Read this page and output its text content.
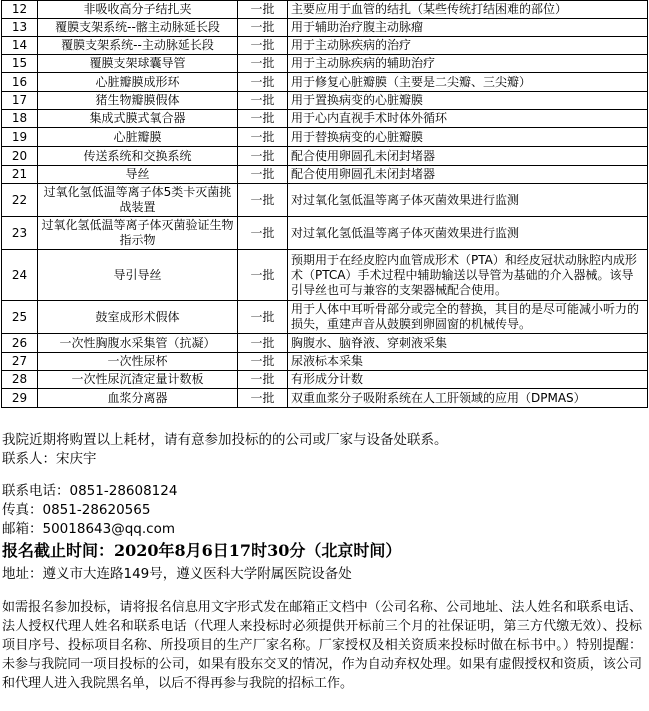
12	非吸收高分子结扎夹	一批	主要应用于血管的结扎（某些传统打结困难的部位）
13	覆膜支架系统--髂主动脉延长段	一批	用于辅助治疗腹主动脉瘤
14	覆膜支架系统--主动脉延长段	一批	用于主动脉疾病的治疗
15	覆膜支架球囊导管	一批	用于主动脉疾病的辅助治疗
16	心脏瓣膜成形环	一批	用于修复心脏瓣膜（主要是二尖瓣、三尖瓣）
17	猪生物瓣膜假体	一批	用于置换病变的心脏瓣膜
18	集成式膜式氧合器	一批	用于心内直视手术时体外循环
19	心脏瓣膜	一批	用于替换病变的心脏瓣膜
20	传送系统和交换系统	一批	配合使用卵圆孔未闭封堵器
21	导丝	一批	配合使用卵圆孔未闭封堵器
22	过氧化氢低温等离子体5类卡灭菌挑战装置	一批	对过氧化氢低温等离子体灭菌效果进行监测
23	过氧化氢低温等离子体灭菌验证生物指示物	一批	对过氧化氢低温等离子体灭菌效果进行监测
24	导引导丝	一批	预期用于在经皮腔内血管成形术（PTA）和经皮冠状动脉腔内成形术（PTCA）手术过程中辅助输送以导管为基础的介入器械。该导引导丝也可与兼容的支架器械配合使用。
25	鼓室成形术假体	一批	用于人体中耳听骨部分或完全的替换，其目的是尽可能减小听力的损失，重建声音从鼓膜到卵圆窗的机械传导。
26	一次性胸腹水采集管（抗凝）	一批	胸腹水、脑脊液、穿刺液采集
27	一次性尿杯	一批	尿液标本采集
28	一次性尿沉渣定量计数板	一批	有形成分计数
29	血浆分离器	一批	双重血浆分子吸附系统在人工肝领域的应用（DPMAS）
我院近期将购置以上耗材，请有意参加投标的的公司或厂家与设备处联系。
联系人：宋庆宇
联系电话：0851-28608124
传真：0851-28620565
邮箱：50018643@qq.com
报名截止时间：2020年8月6日17时30分（北京时间）
地址：遵义市大连路149号，遵义医科大学附属医院设备处
如需报名参加投标，请将报名信息用文字形式发在邮箱正文档中（公司名称、公司地址、法人姓名和联系电话、法人授权代理人姓名和联系电话（代理人来投标时必须提供开标前三个月的社保证明，第三方代缴无效）、投标项目序号、投标项目名称、所投项目的生产厂家名称。厂家授权及相关资质来投标时做在标书中。）特别提醒：未参与我院同一项目投标的公司，如果有股东交叉的情况，作为自动弃权处理。如果有虚假授权和资质，该公司和代理人进入我院黑名单，以后不得再参与我院的招标工作。
